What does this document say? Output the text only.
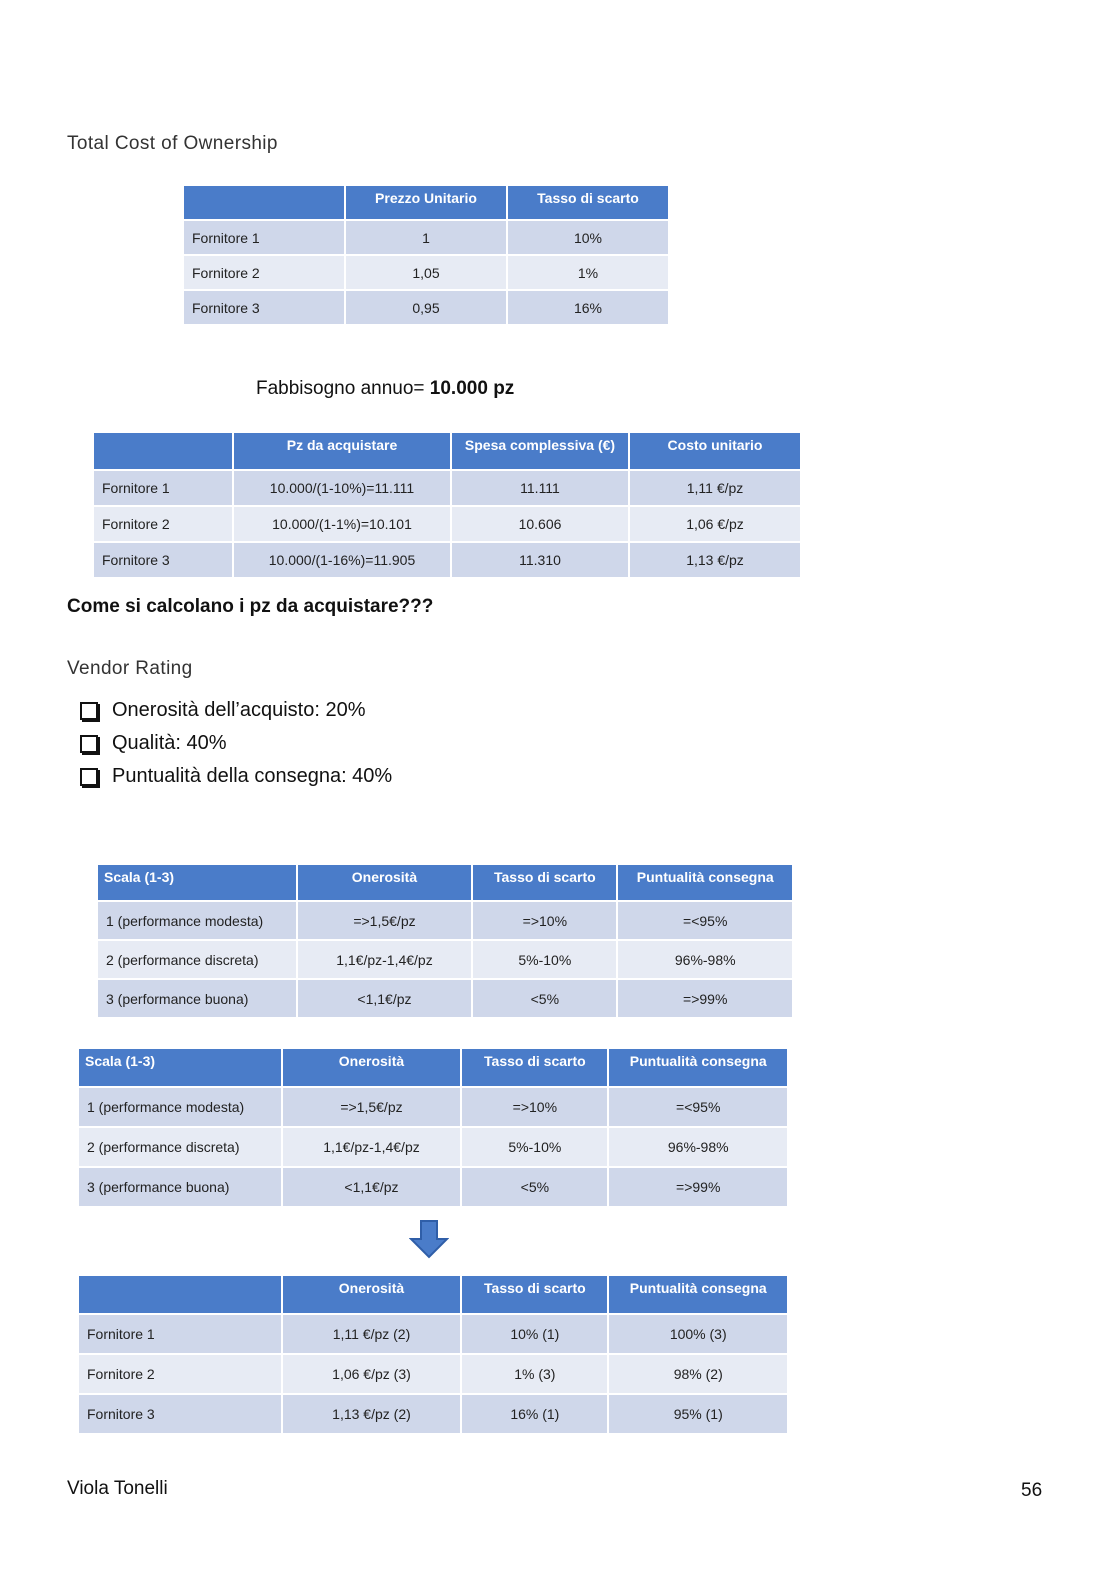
Total Cost of Ownership
	Prezzo Unitario	Tasso di scarto
Fornitore 1	1	10%
Fornitore 2	1,05	1%
Fornitore 3	0,95	16%
Fabbisogno annuo= 10.000 pz
	Pz da acquistare	Spesa complessiva (€)	Costo unitario
Fornitore 1	10.000/(1-10%)=11.111	11.111	1,11 €/pz
Fornitore 2	10.000/(1-1%)=10.101	10.606	1,06 €/pz
Fornitore 3	10.000/(1-16%)=11.905	11.310	1,13 €/pz
Come si calcolano i pz da acquistare???
Vendor Rating
Onerosità dell’acquisto: 20%
Qualità: 40%
Puntualità della consegna: 40%
Scala (1-3)	Onerosità	Tasso di scarto	Puntualità consegna
1 (performance modesta)	=>1,5€/pz	=>10%	=<95%
2 (performance discreta)	1,1€/pz-1,4€/pz	5%-10%	96%-98%
3 (performance buona)	<1,1€/pz	<5%	=>99%
Scala (1-3)	Onerosità	Tasso di scarto	Puntualità consegna
1 (performance modesta)	=>1,5€/pz	=>10%	=<95%
2 (performance discreta)	1,1€/pz-1,4€/pz	5%-10%	96%-98%
3 (performance buona)	<1,1€/pz	<5%	=>99%
	Onerosità	Tasso di scarto	Puntualità consegna
Fornitore 1	1,11 €/pz (2)	10% (1)	100% (3)
Fornitore 2	1,06 €/pz (3)	1% (3)	98% (2)
Fornitore 3	1,13 €/pz (2)	16% (1)	95% (1)
Viola Tonelli	56
